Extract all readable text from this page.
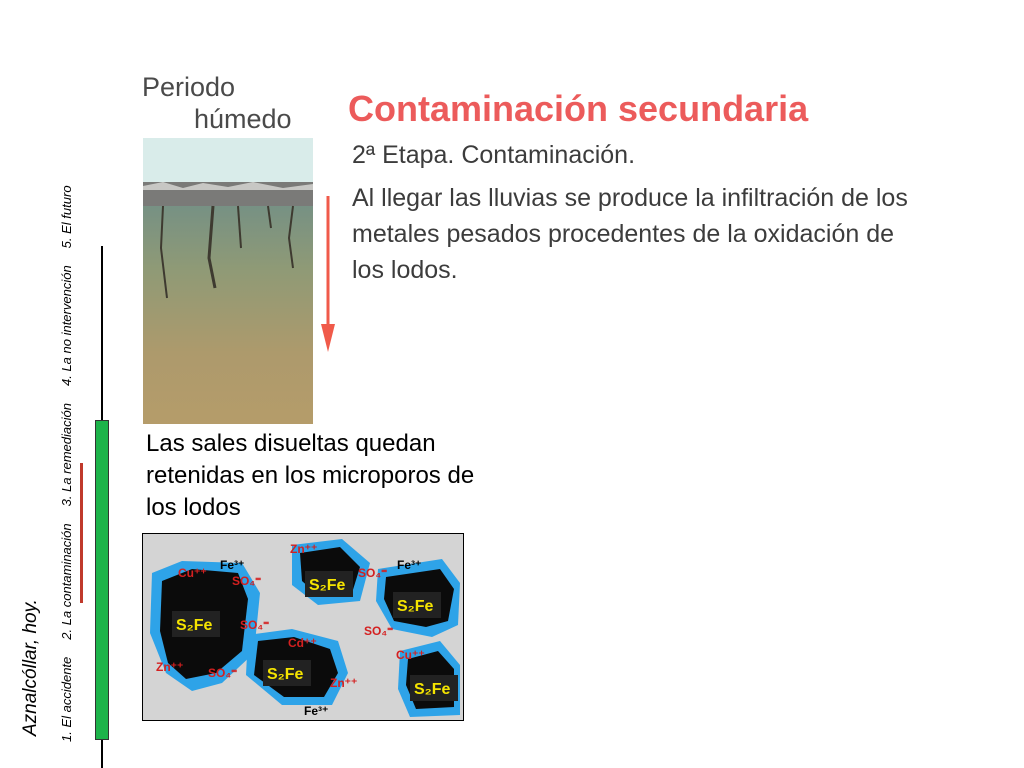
1. El accidente2. La contaminación3. La remediación4. La no intervención5. El futuro
Aznalcóllar, hoy.
Periodo
húmedo Contaminación secundaria
2ª Etapa. Contaminación.
Al llegar las lluvias se produce la infiltración de los metales pesados procedentes de la oxidación de los lodos.
Las sales disueltas quedan retenidas en los microporos de los lodos
S₂Fe
S₂Fe
S₂Fe
S₂Fe
S₂Fe
Fe³⁺	Fe³⁺
Fe³⁺
Zn⁺⁺
Zn⁺⁺
Zn⁺⁺
Cu⁺⁺
Cu⁺⁺
Cd⁺⁺
SO₄⁼
SO₄⁼
SO₄⁼	SO₄⁼
SO₄⁼
